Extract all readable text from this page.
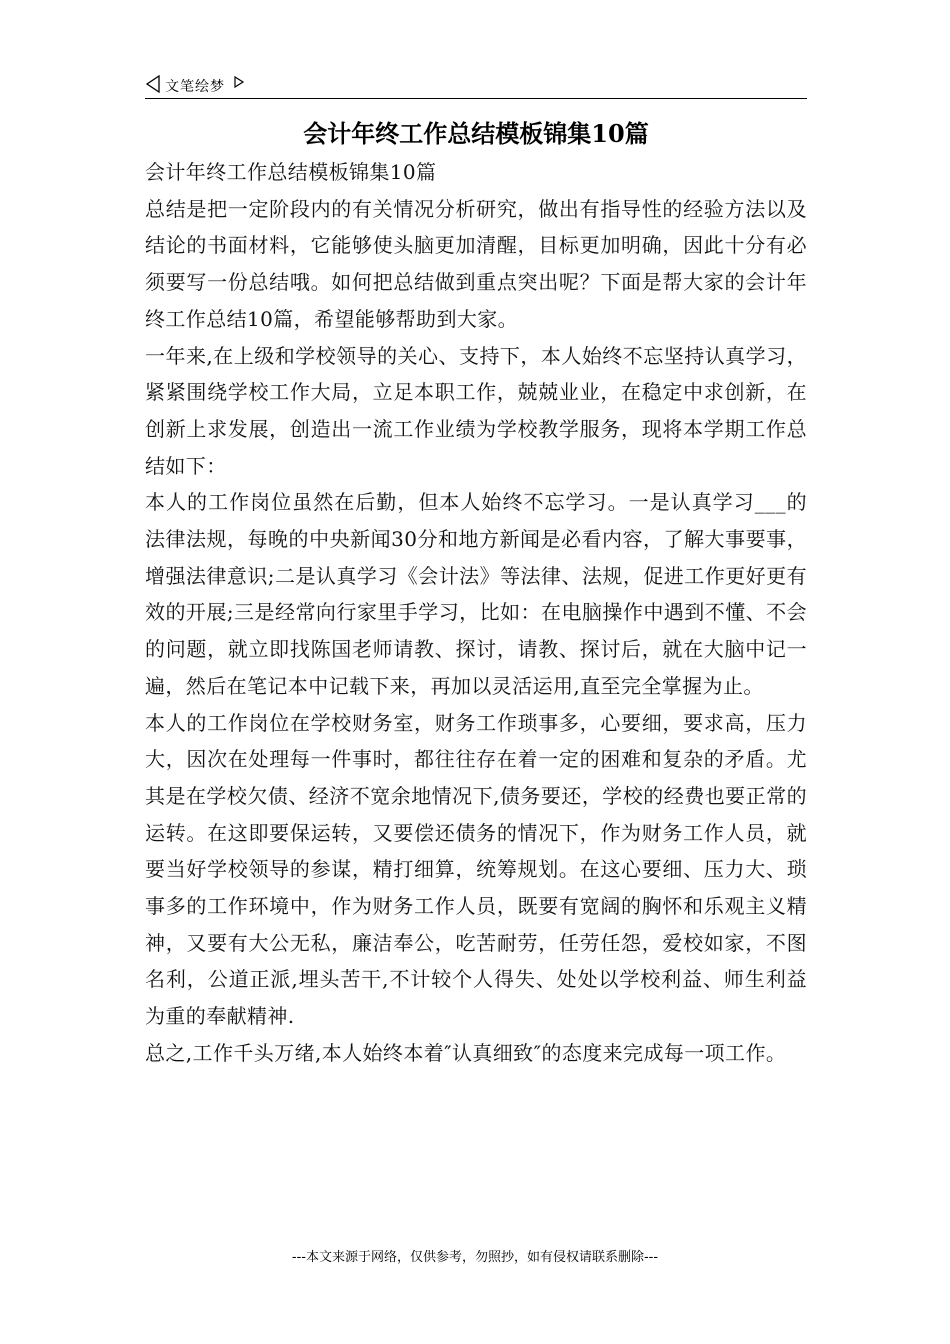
文笔绘梦
会计年终工作总结模板锦集10篇

会计年终工作总结模板锦集10篇

总结是把一定阶段内的有关情况分析研究，做出有指导性的经验方法以及结论的书面材料，它能够使头脑更加清醒，目标更加明确，因此十分有必须要写一份总结哦。如何把总结做到重点突出呢？下面是帮大家的会计年终工作总结10篇，希望能够帮助到大家。

一年来,在上级和学校领导的关心、支持下，本人始终不忘坚持认真学习，紧紧围绕学校工作大局，立足本职工作，兢兢业业，在稳定中求创新，在创新上求发展，创造出一流工作业绩为学校教学服务，现将本学期工作总结如下：

本人的工作岗位虽然在后勤，但本人始终不忘学习。一是认真学习___的法律法规，每晚的中央新闻30分和地方新闻是必看内容，了解大事要事，增强法律意识;二是认真学习《会计法》等法律、法规，促进工作更好更有效的开展;三是经常向行家里手学习，比如：在电脑操作中遇到不懂、不会的问题，就立即找陈国老师请教、探讨，请教、探讨后，就在大脑中记一遍，然后在笔记本中记载下来，再加以灵活运用,直至完全掌握为止。

本人的工作岗位在学校财务室，财务工作琐事多，心要细，要求高，压力大，因次在处理每一件事时，都往往存在着一定的困难和复杂的矛盾。尤其是在学校欠债、经济不宽余地情况下,债务要还，学校的经费也要正常的运转。在这即要保运转，又要偿还债务的情况下，作为财务工作人员，就要当好学校领导的参谋，精打细算，统筹规划。在这心要细、压力大、琐事多的工作环境中，作为财务工作人员，既要有宽阔的胸怀和乐观主义精神，又要有大公无私，廉洁奉公，吃苦耐劳，任劳任怨，爱校如家，不图名利，公道正派,埋头苦干,不计较个人得失、处处以学校利益、师生利益为重的奉献精神.

总之,工作千头万绪,本人始终本着″认真细致″的态度来完成每一项工作。

---本文来源于网络，仅供参考，勿照抄，如有侵权请联系删除---
